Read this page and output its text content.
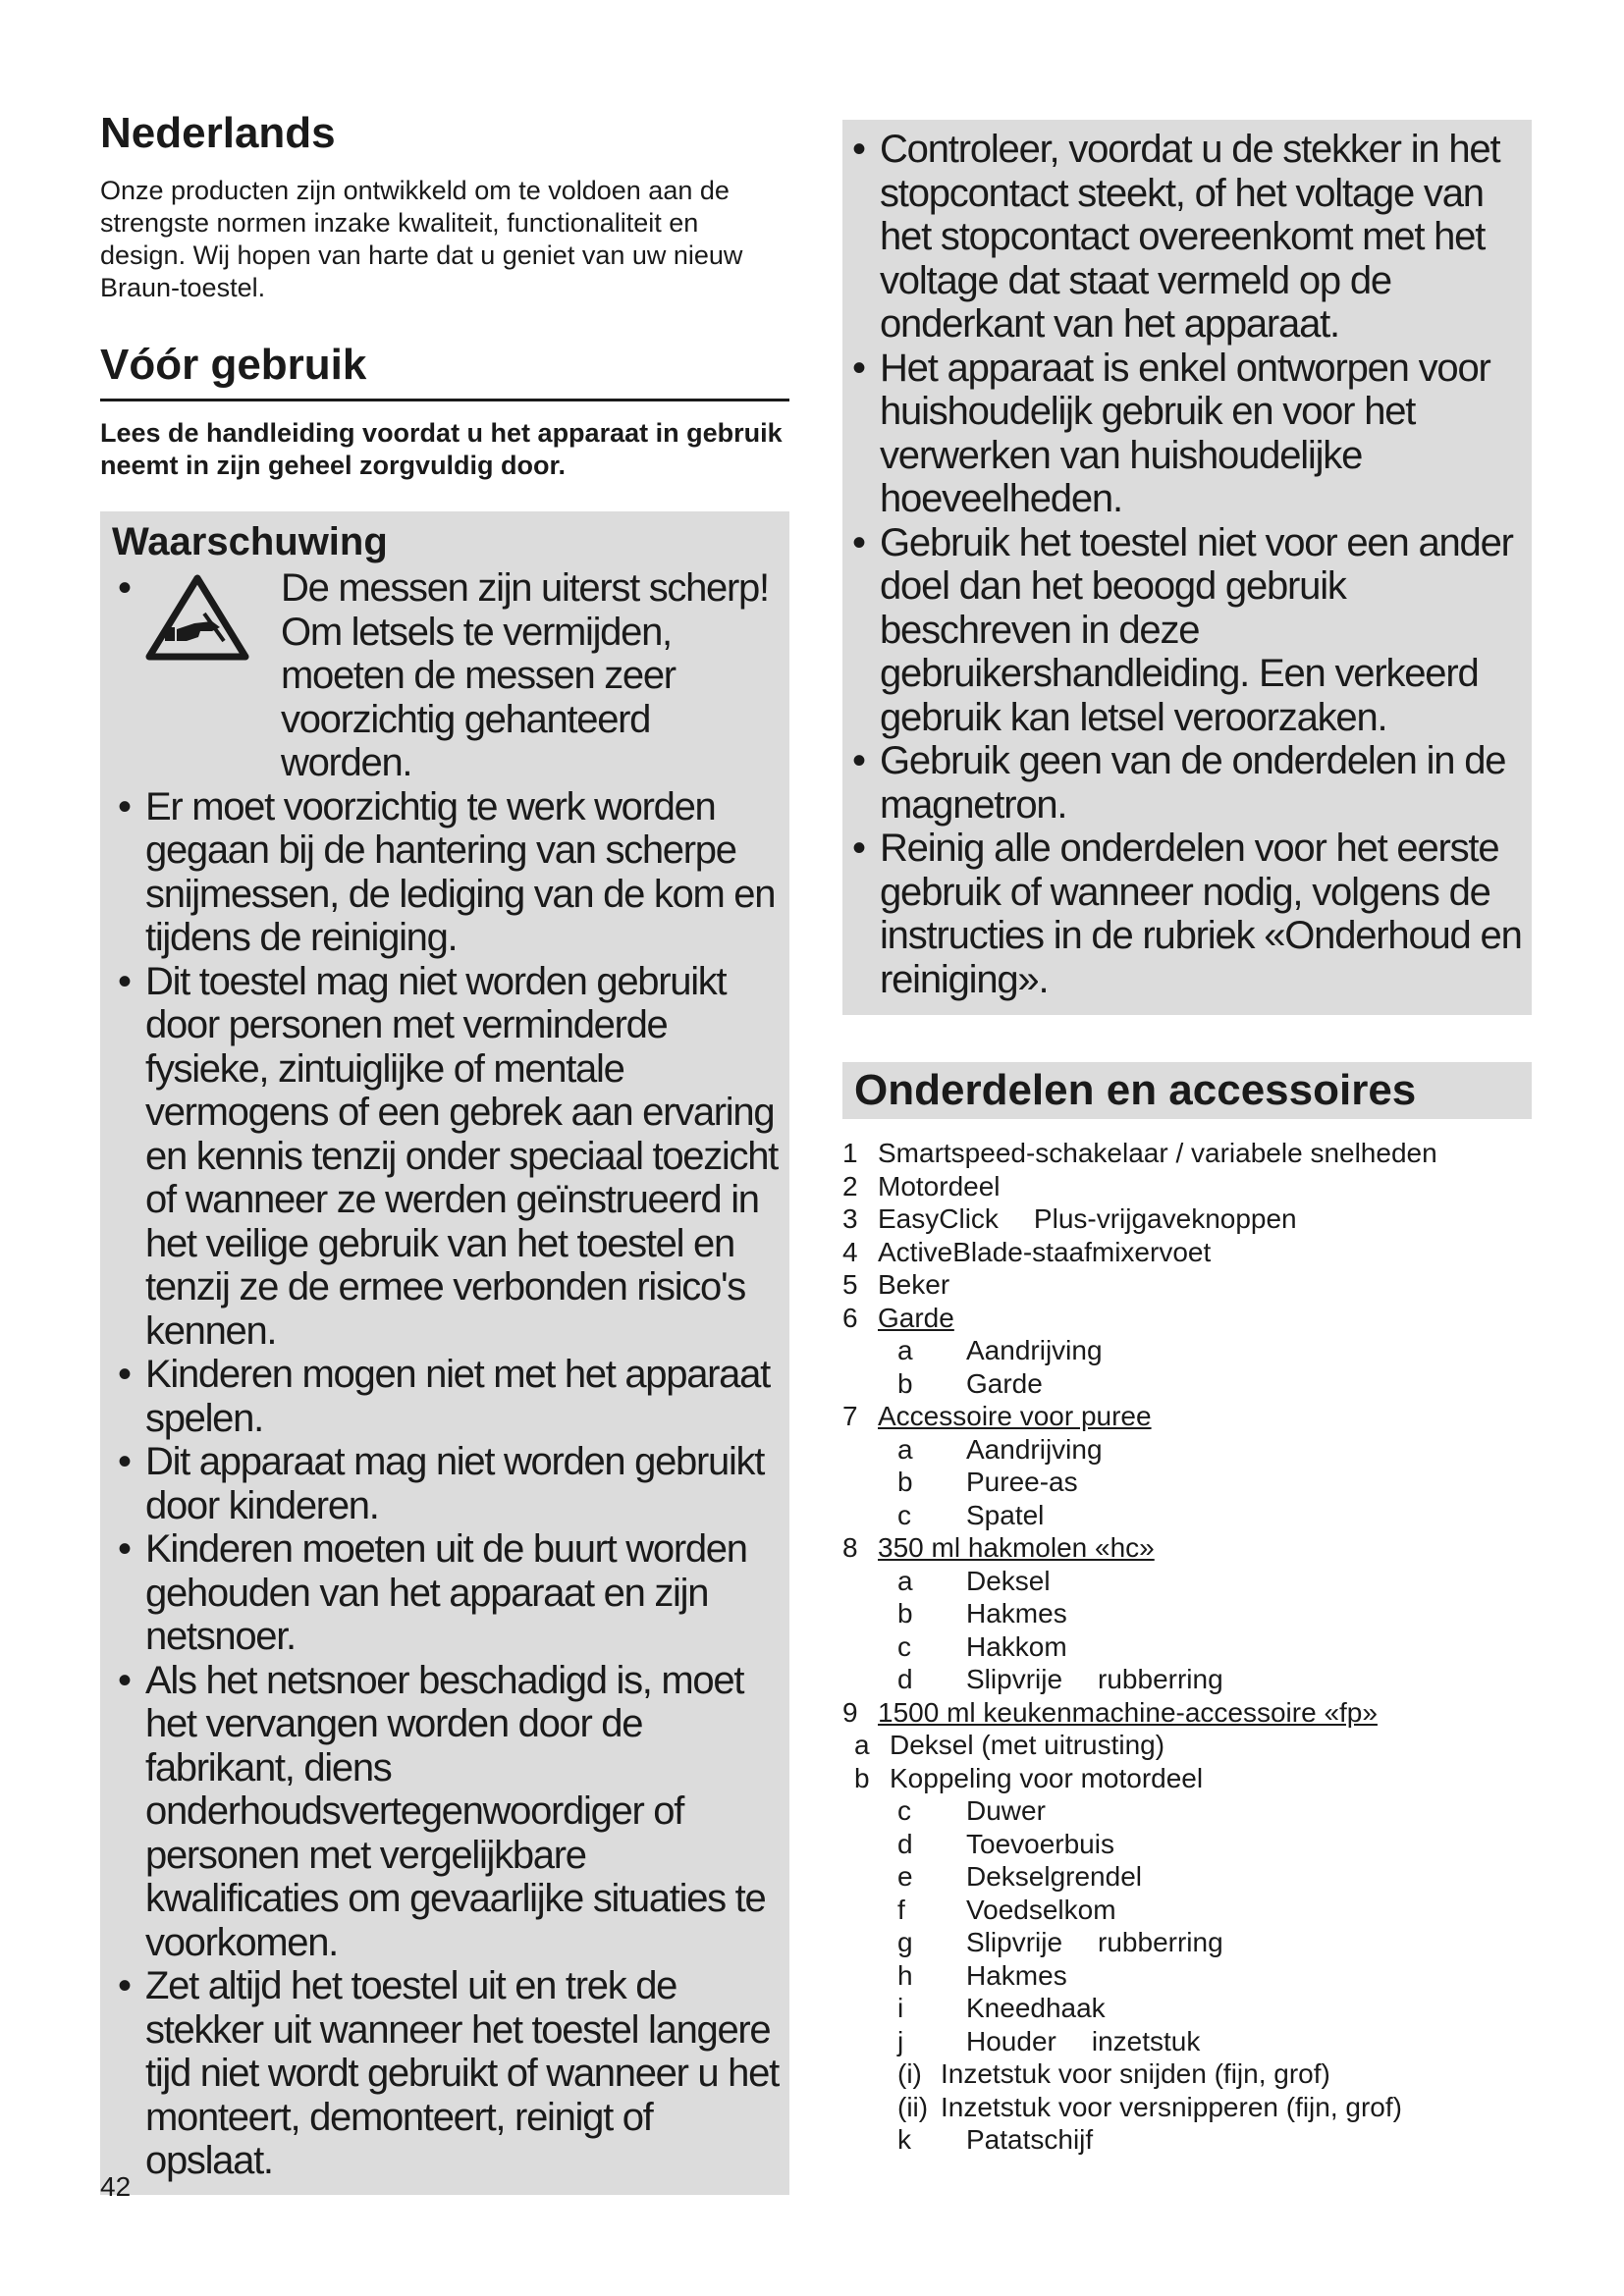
Nederlands

Onze producten zijn ontwikkeld om te voldoen aan de strengste normen inzake kwaliteit, functionaliteit en design. Wij hopen van harte dat u geniet van uw nieuw Braun-toestel.

Vóór gebruik

Lees de handleiding voordat u het apparaat in gebruik neemt in zijn geheel zorgvuldig door.

Waarschuwing
• De messen zijn uiterst scherp! Om letsels te vermijden, moeten de messen zeer voorzichtig gehanteerd worden.
• Er moet voorzichtig te werk worden gegaan bij de hantering van scherpe snijmessen, de lediging van de kom en tijdens de reiniging.
• Dit toestel mag niet worden gebruikt door personen met verminderde fysieke, zintuiglijke of mentale vermogens of een gebrek aan ervaring en kennis tenzij onder speciaal toezicht of wanneer ze werden geïnstrueerd in het veilige gebruik van het toestel en tenzij ze de ermee verbonden risico's kennen.
• Kinderen mogen niet met het apparaat spelen.
• Dit apparaat mag niet worden gebruikt door kinderen.
• Kinderen moeten uit de buurt worden gehouden van het apparaat en zijn netsnoer.
• Als het netsnoer beschadigd is, moet het vervangen worden door de fabrikant, diens onderhoudsvertegenwoordiger of personen met vergelijkbare kwalificaties om gevaarlijke situaties te voorkomen.
• Zet altijd het toestel uit en trek de stekker uit wanneer het toestel langere tijd niet wordt gebruikt of wanneer u het monteert, demonteert, reinigt of opslaat.
• Controleer, voordat u de stekker in het stopcontact steekt, of het voltage van het stopcontact overeenkomt met het voltage dat staat vermeld op de onderkant van het apparaat.
• Het apparaat is enkel ontworpen voor huishoudelijk gebruik en voor het verwerken van huishoudelijke hoeveelheden.
• Gebruik het toestel niet voor een ander doel dan het beoogd gebruik beschreven in deze gebruikershandleiding. Een verkeerd gebruik kan letsel veroorzaken.
• Gebruik geen van de onderdelen in de magnetron.
• Reinig alle onderdelen voor het eerste gebruik of wanneer nodig, volgens de instructies in de rubriek «Onderhoud en reiniging».
Onderdelen en accessoires
1 Smartspeed-schakelaar / variabele snelheden
2 Motordeel
3 EasyClick Plus-vrijgaveknoppen
4 ActiveBlade-staafmixervoet
5 Beker
6 Garde
a Aandrijving
b Garde
7 Accessoire voor puree
a Aandrijving
b Puree-as
c Spatel
8 350 ml hakmolen «hc»
a Deksel
b Hakmes
c Hakkom
d Slipvrije rubberring
9 1500 ml keukenmachine-accessoire «fp»
a Deksel (met uitrusting)
b Koppeling voor motordeel
c Duwer
d Toevoerbuis
e Dekselgrendel
f Voedselkom
g Slipvrije rubberring
h Hakmes
i Kneedhaak
j Houder inzetstuk
(i) Inzetstuk voor snijden (fijn, grof)
(ii) Inzetstuk voor versnipperen (fijn, grof)
k Patatschijf
42
